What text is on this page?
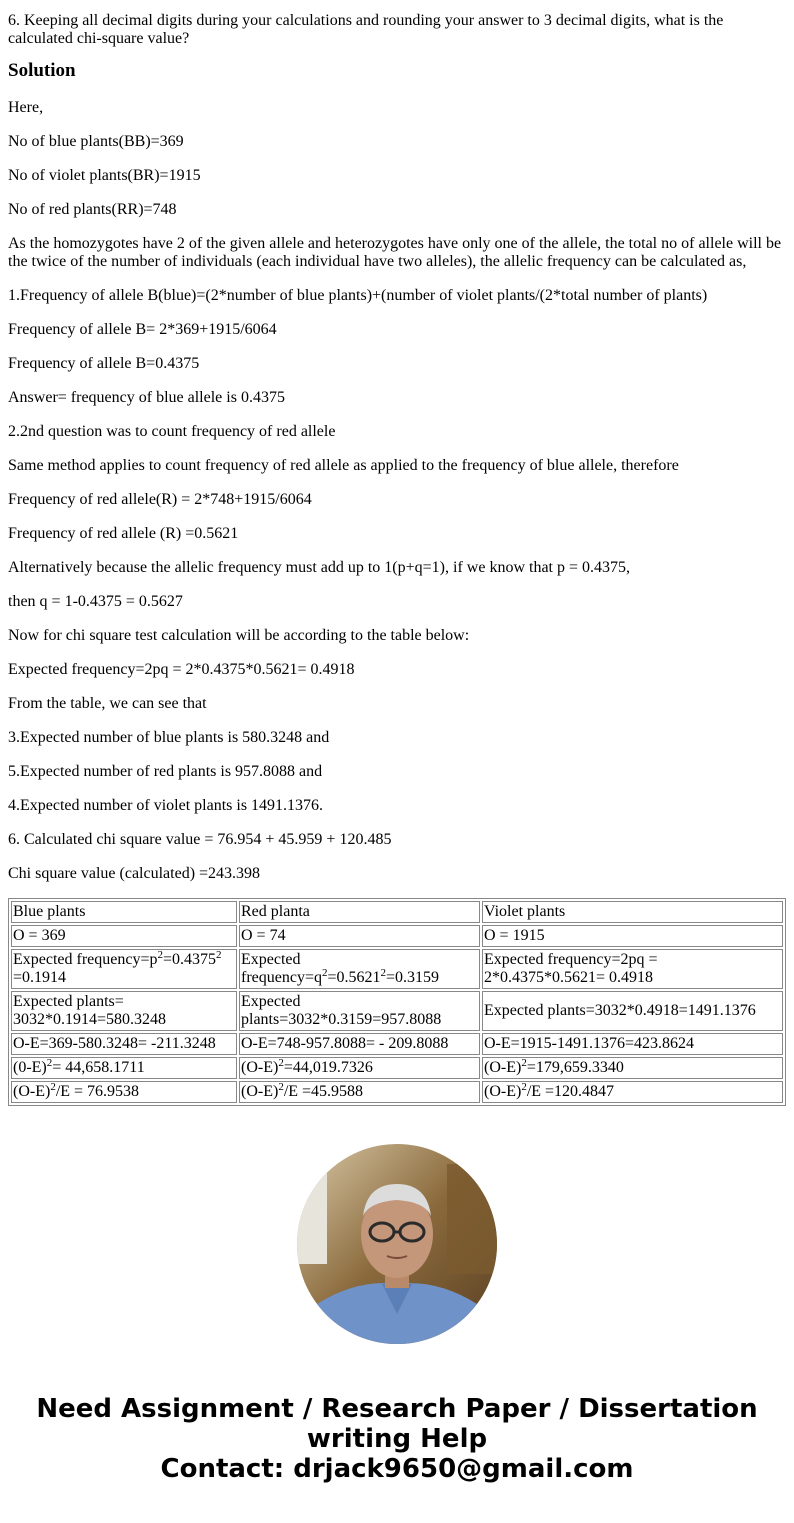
6. Keeping all decimal digits during your calculations and rounding your answer to 3 decimal digits, what is the calculated chi-square value?
Solution
Here,
No of blue plants(BB)=369
No of violet plants(BR)=1915
No of red plants(RR)=748
As the homozygotes have 2 of the given allele and heterozygotes have only one of the allele, the total no of allele will be the twice of the number of individuals (each individual have two alleles), the allelic frequency can be calculated as,
1.Frequency of allele B(blue)=(2*number of blue plants)+(number of violet plants/(2*total number of plants)
Frequency of allele B= 2*369+1915/6064
Frequency of allele B=0.4375
Answer= frequency of blue allele is 0.4375
2.2nd question was to count frequency of red allele
Same method applies to count frequency of red allele as applied to the frequency of blue allele, therefore
Frequency of red allele(R) = 2*748+1915/6064
Frequency of red allele (R) =0.5621
Alternatively because the allelic frequency must add up to 1(p+q=1), if we know that p = 0.4375,
then q = 1-0.4375 = 0.5627
Now for chi square test calculation will be according to the table below:
Expected frequency=2pq = 2*0.4375*0.5621= 0.4918
From the table, we can see that
3.Expected number of blue plants is 580.3248 and
5.Expected number of red plants is 957.8088 and
4.Expected number of violet plants is 1491.1376.
6. Calculated chi square value = 76.954 + 45.959 + 120.485
Chi square value (calculated) =243.398
Blue plants	Red planta	Violet plants
O = 369	O = 74	O = 1915
Expected $frequency=p^2=0.4375^2 =0.1914$	Expected $frequency=q^2=0.5621^2=0.3159$	Expected frequency=2pq = 2*0.4375*0.5621= 0.4918
Expected plants= 3032*0.1914=580.3248	Expected plants=3032*0.3159=957.8088	Expected plants=3032*0.4918=1491.1376
O-E=369-580.3248= -211.3248	O-E=748-957.8088= - 209.8088	O-E=1915-1491.1376=423.8624
$(0-E)^2= 44,658.1711$	$(O-E)^2=44,019.7326$	$(O-E)^2=179,659.3340$
$(O-E)^2/E = 76.9538$	$(O-E)^2/E =45.9588$	$(O-E)^2/E =120.4847$
Need Assignment / Research Paper / Dissertation writing Help
Contact: drjack9650@gmail.com
